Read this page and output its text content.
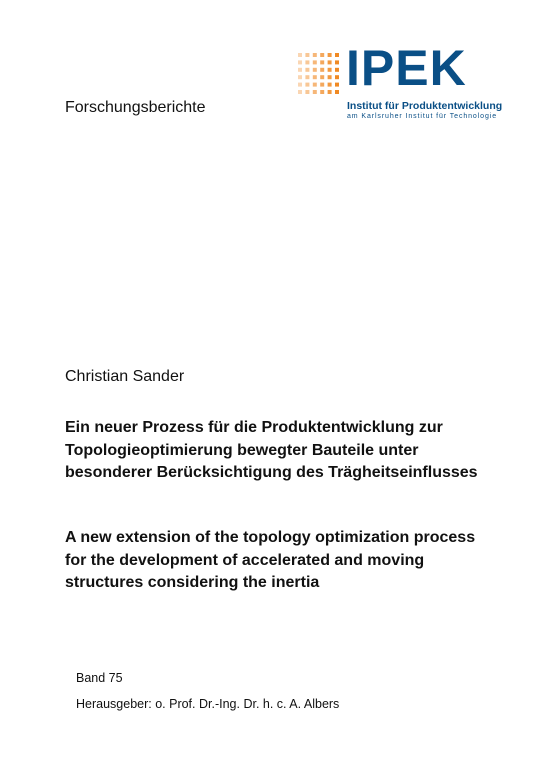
Forschungsberichte

IPEK
Institut für Produktentwicklung
am Karlsruher Institut für Technologie

Christian Sander

Ein neuer Prozess für die Produktentwicklung zur
Topologieoptimierung bewegter Bauteile unter
besonderer Berücksichtigung des Trägheitseinflusses
A new extension of the topology optimization process
for the development of accelerated and moving
structures considering the inertia

Band 75

Herausgeber: o. Prof. Dr.-Ing. Dr. h. c. A. Albers
